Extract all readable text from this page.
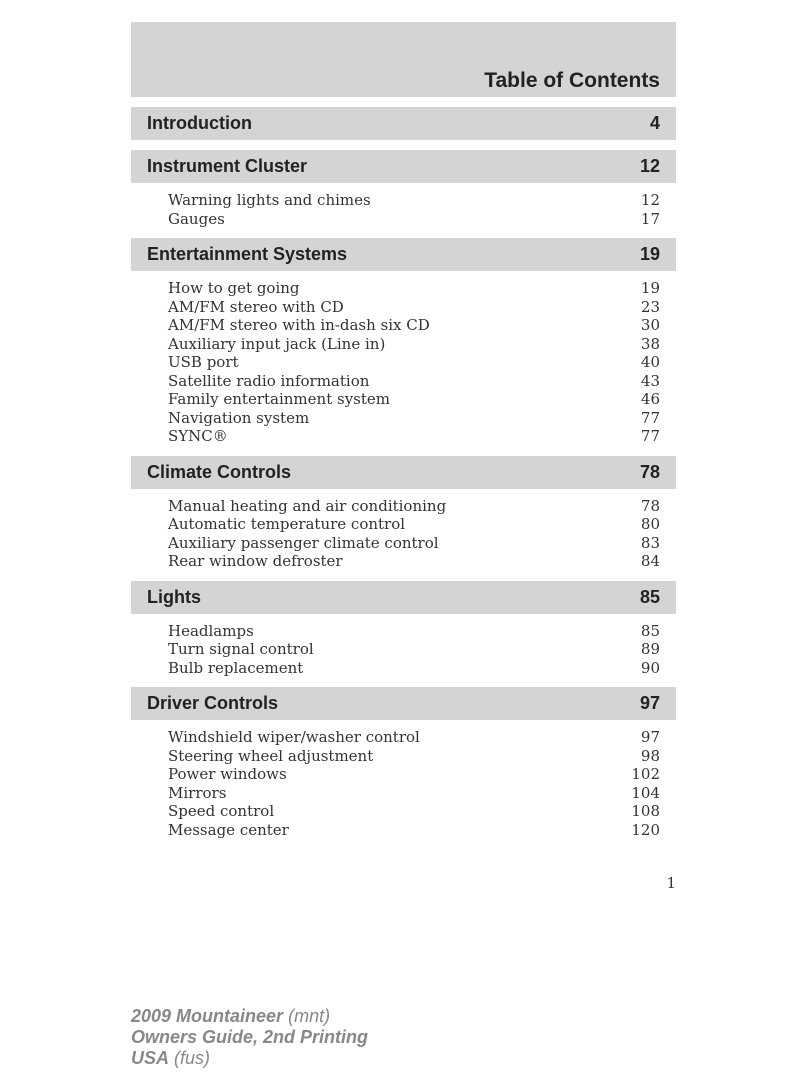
Table of Contents
Introduction	4
Instrument Cluster	12
Warning lights and chimes	12
Gauges	17
Entertainment Systems	19
How to get going	19
AM/FM stereo with CD	23
AM/FM stereo with in-dash six CD	30
Auxiliary input jack (Line in)	38
USB port	40
Satellite radio information	43
Family entertainment system	46
Navigation system	77
SYNC®	77
Climate Controls	78
Manual heating and air conditioning	78
Automatic temperature control	80
Auxiliary passenger climate control	83
Rear window defroster	84
Lights	85
Headlamps	85
Turn signal control	89
Bulb replacement	90
Driver Controls	97
Windshield wiper/washer control	97
Steering wheel adjustment	98
Power windows	102
Mirrors	104
Speed control	108
Message center	120
1
2009 Mountaineer (mnt)
Owners Guide, 2nd Printing
USA (fus)
